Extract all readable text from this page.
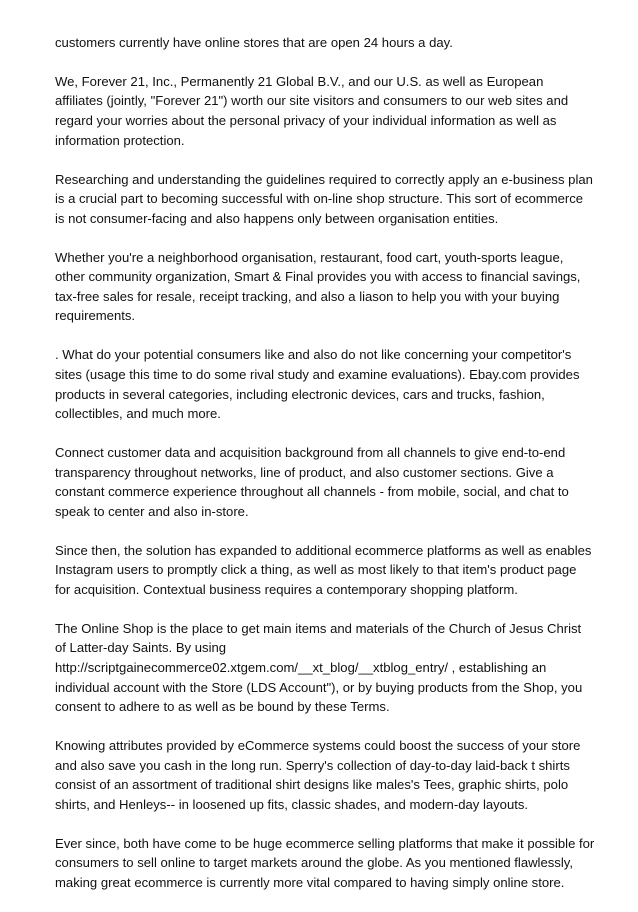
customers currently have online stores that are open 24 hours a day.

We, Forever 21, Inc., Permanently 21 Global B.V., and our U.S. as well as European
affiliates (jointly, "Forever 21") worth our site visitors and consumers to our web sites and
regard your worries about the personal privacy of your individual information as well as
information protection.

Researching and understanding the guidelines required to correctly apply an e-business plan
is a crucial part to becoming successful with on-line shop structure. This sort of ecommerce
is not consumer-facing and also happens only between organisation entities.

Whether you're a neighborhood organisation, restaurant, food cart, youth-sports league,
other community organization, Smart & Final provides you with access to financial savings,
tax-free sales for resale, receipt tracking, and also a liason to help you with your buying
requirements.

. What do your potential consumers like and also do not like concerning your competitor's
sites (usage this time to do some rival study and examine evaluations). Ebay.com provides
products in several categories, including electronic devices, cars and trucks, fashion,
collectibles, and much more.

Connect customer data and acquisition background from all channels to give end-to-end
transparency throughout networks, line of product, and also customer sections. Give a
constant commerce experience throughout all channels - from mobile, social, and chat to
speak to center and also in-store.

Since then, the solution has expanded to additional ecommerce platforms as well as enables
Instagram users to promptly click a thing, as well as most likely to that item's product page
for acquisition. Contextual business requires a contemporary shopping platform.

The Online Shop is the place to get main items and materials of the Church of Jesus Christ
of Latter-day Saints. By using
http://scriptgainecommerce02.xtgem.com/__xt_blog/__xtblog_entry/ , establishing an
individual account with the Store (LDS Account"), or by buying products from the Shop, you
consent to adhere to as well as be bound by these Terms.

Knowing attributes provided by eCommerce systems could boost the success of your store
and also save you cash in the long run. Sperry's collection of day-to-day laid-back t shirts
consist of an assortment of traditional shirt designs like males's Tees, graphic shirts, polo
shirts, and Henleys-- in loosened up fits, classic shades, and modern-day layouts.

Ever since, both have come to be huge ecommerce selling platforms that make it possible for
consumers to sell online to target markets around the globe. As you mentioned flawlessly,
making great ecommerce is currently more vital compared to having simply online store.
